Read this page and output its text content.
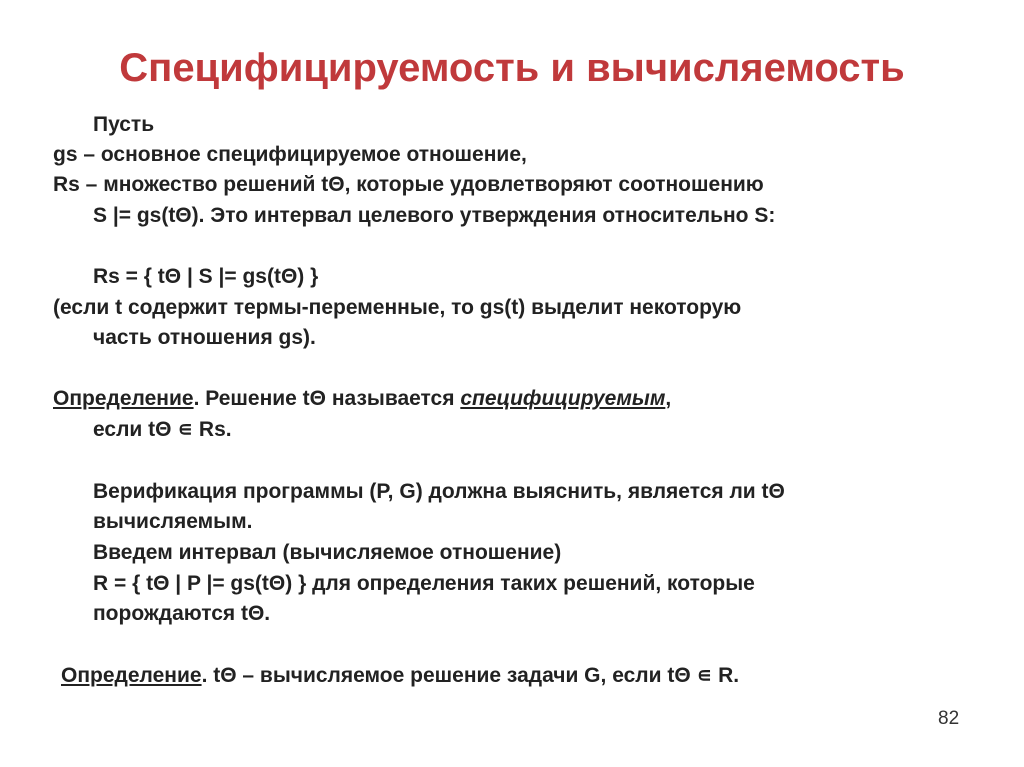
Специфицируемость и вычисляемость
Пусть
gs – основное специфицируемое отношение,
Rs – множество решений tΘ, которые удовлетворяют соотношению
S |= gs(tΘ). Это интервал целевого утверждения относительно S:
Rs = { tΘ | S |= gs(tΘ) }
(если t содержит термы-переменные, то gs(t) выделит некоторую
часть отношения gs).
Определение. Решение tΘ называется специфицируемым,
если tΘ ∊ Rs.
Верификация программы (P, G) должна выяснить, является ли tΘ
вычисляемым.
Введем интервал (вычисляемое отношение)
R = { tΘ | P |= gs(tΘ) } для определения таких решений, которые
порождаются tΘ.
Определение. tΘ – вычисляемое решение задачи G, если tΘ ∊ R.
82
